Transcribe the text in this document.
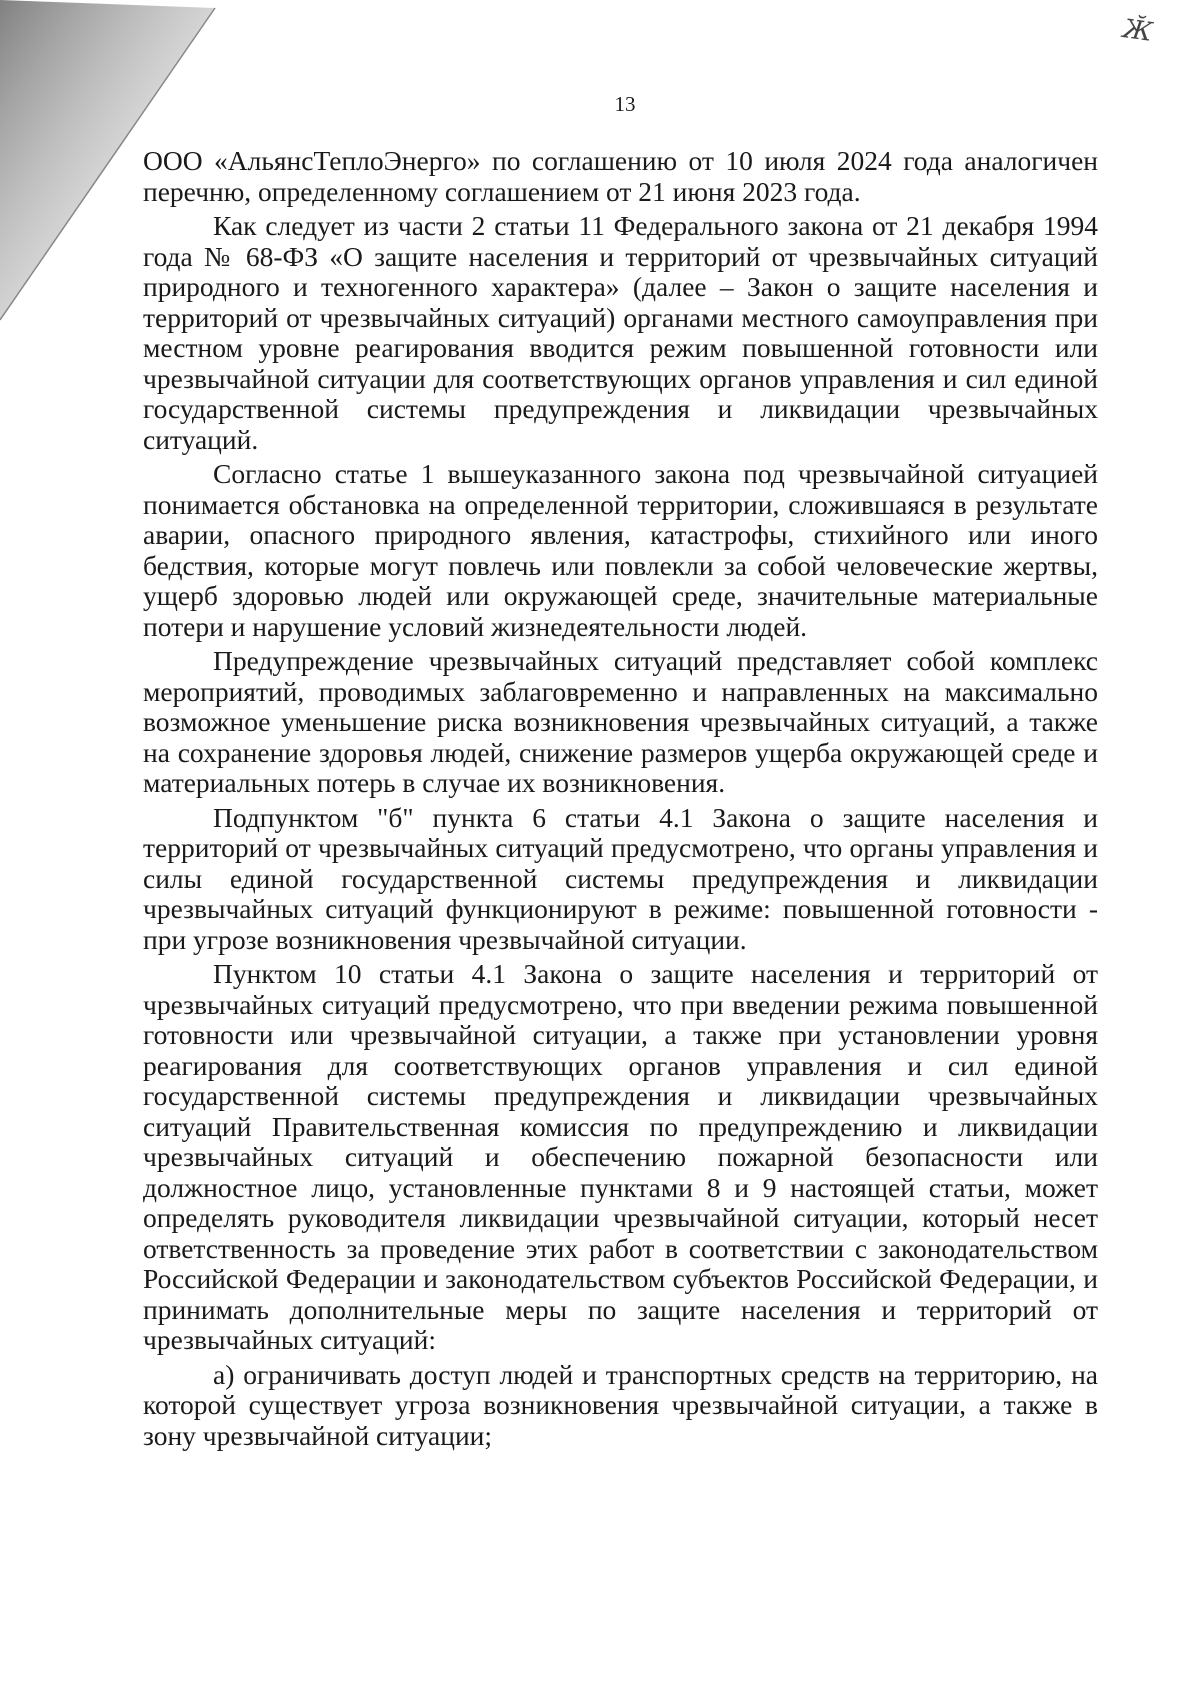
Ӂ
13

ООО «АльянсТеплоЭнерго» по соглашению от 10 июля 2024 года аналогичен перечню, определенному соглашением от 21 июня 2023 года.

Как следует из части 2 статьи 11 Федерального закона от 21 декабря 1994 года № 68-ФЗ «О защите населения и территорий от чрезвычайных ситуаций природного и техногенного характера» (далее – Закон о защите населения и территорий от чрезвычайных ситуаций) органами местного самоуправления при местном уровне реагирования вводится режим повышенной готовности или чрезвычайной ситуации для соответствующих органов управления и сил единой государственной системы предупреждения и ликвидации чрезвычайных ситуаций.

Согласно статье 1 вышеуказанного закона под чрезвычайной ситуацией понимается обстановка на определенной территории, сложившаяся в результате аварии, опасного природного явления, катастрофы, стихийного или иного бедствия, которые могут повлечь или повлекли за собой человеческие жертвы, ущерб здоровью людей или окружающей среде, значительные материальные потери и нарушение условий жизнедеятельности людей.

Предупреждение чрезвычайных ситуаций представляет собой комплекс мероприятий, проводимых заблаговременно и направленных на максимально возможное уменьшение риска возникновения чрезвычайных ситуаций, а также на сохранение здоровья людей, снижение размеров ущерба окружающей среде и материальных потерь в случае их возникновения.

Подпунктом "б" пункта 6 статьи 4.1 Закона о защите населения и территорий от чрезвычайных ситуаций предусмотрено, что органы управления и силы единой государственной системы предупреждения и ликвидации чрезвычайных ситуаций функционируют в режиме: повышенной готовности - при угрозе возникновения чрезвычайной ситуации.

Пунктом 10 статьи 4.1 Закона о защите населения и территорий от чрезвычайных ситуаций предусмотрено, что при введении режима повышенной готовности или чрезвычайной ситуации, а также при установлении уровня реагирования для соответствующих органов управления и сил единой государственной системы предупреждения и ликвидации чрезвычайных ситуаций Правительственная комиссия по предупреждению и ликвидации чрезвычайных ситуаций и обеспечению пожарной безопасности или должностное лицо, установленные пунктами 8 и 9 настоящей статьи, может определять руководителя ликвидации чрезвычайной ситуации, который несет ответственность за проведение этих работ в соответствии с законодательством Российской Федерации и законодательством субъектов Российской Федерации, и принимать дополнительные меры по защите населения и территорий от чрезвычайных ситуаций:

а) ограничивать доступ людей и транспортных средств на территорию, на которой существует угроза возникновения чрезвычайной ситуации, а также в зону чрезвычайной ситуации;
